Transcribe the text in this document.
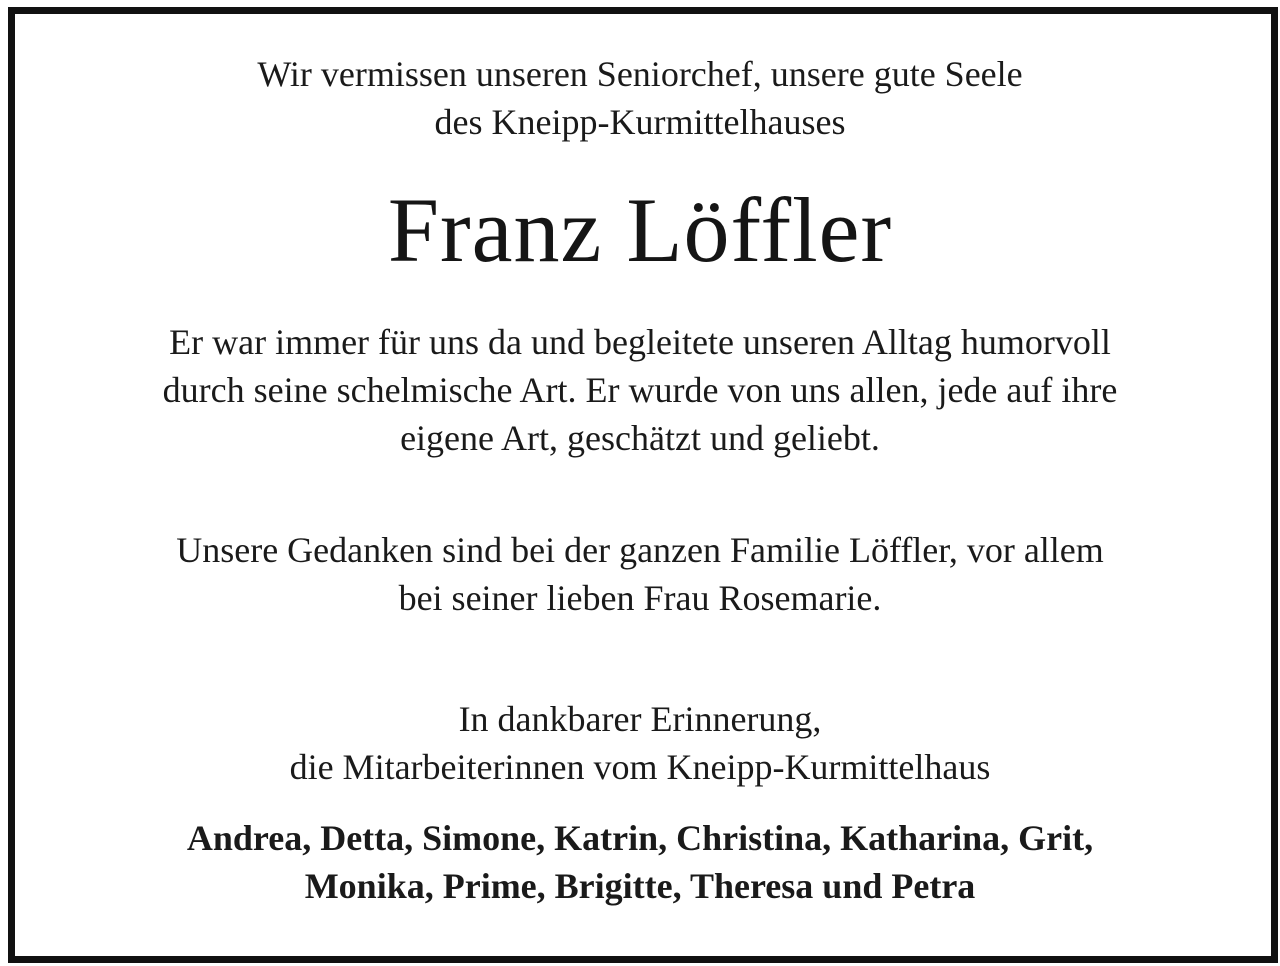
Wir vermissen unseren Seniorchef, unsere gute Seele
des Kneipp-Kurmittelhauses
Franz Löffler
Er war immer für uns da und begleitete unseren Alltag humorvoll
durch seine schelmische Art. Er wurde von uns allen, jede auf ihre
eigene Art, geschätzt und geliebt.
Unsere Gedanken sind bei der ganzen Familie Löffler, vor allem
bei seiner lieben Frau Rosemarie.
In dankbarer Erinnerung,
die Mitarbeiterinnen vom Kneipp-Kurmittelhaus
Andrea, Detta, Simone, Katrin, Christina, Katharina, Grit,
Monika, Prime, Brigitte, Theresa und Petra
